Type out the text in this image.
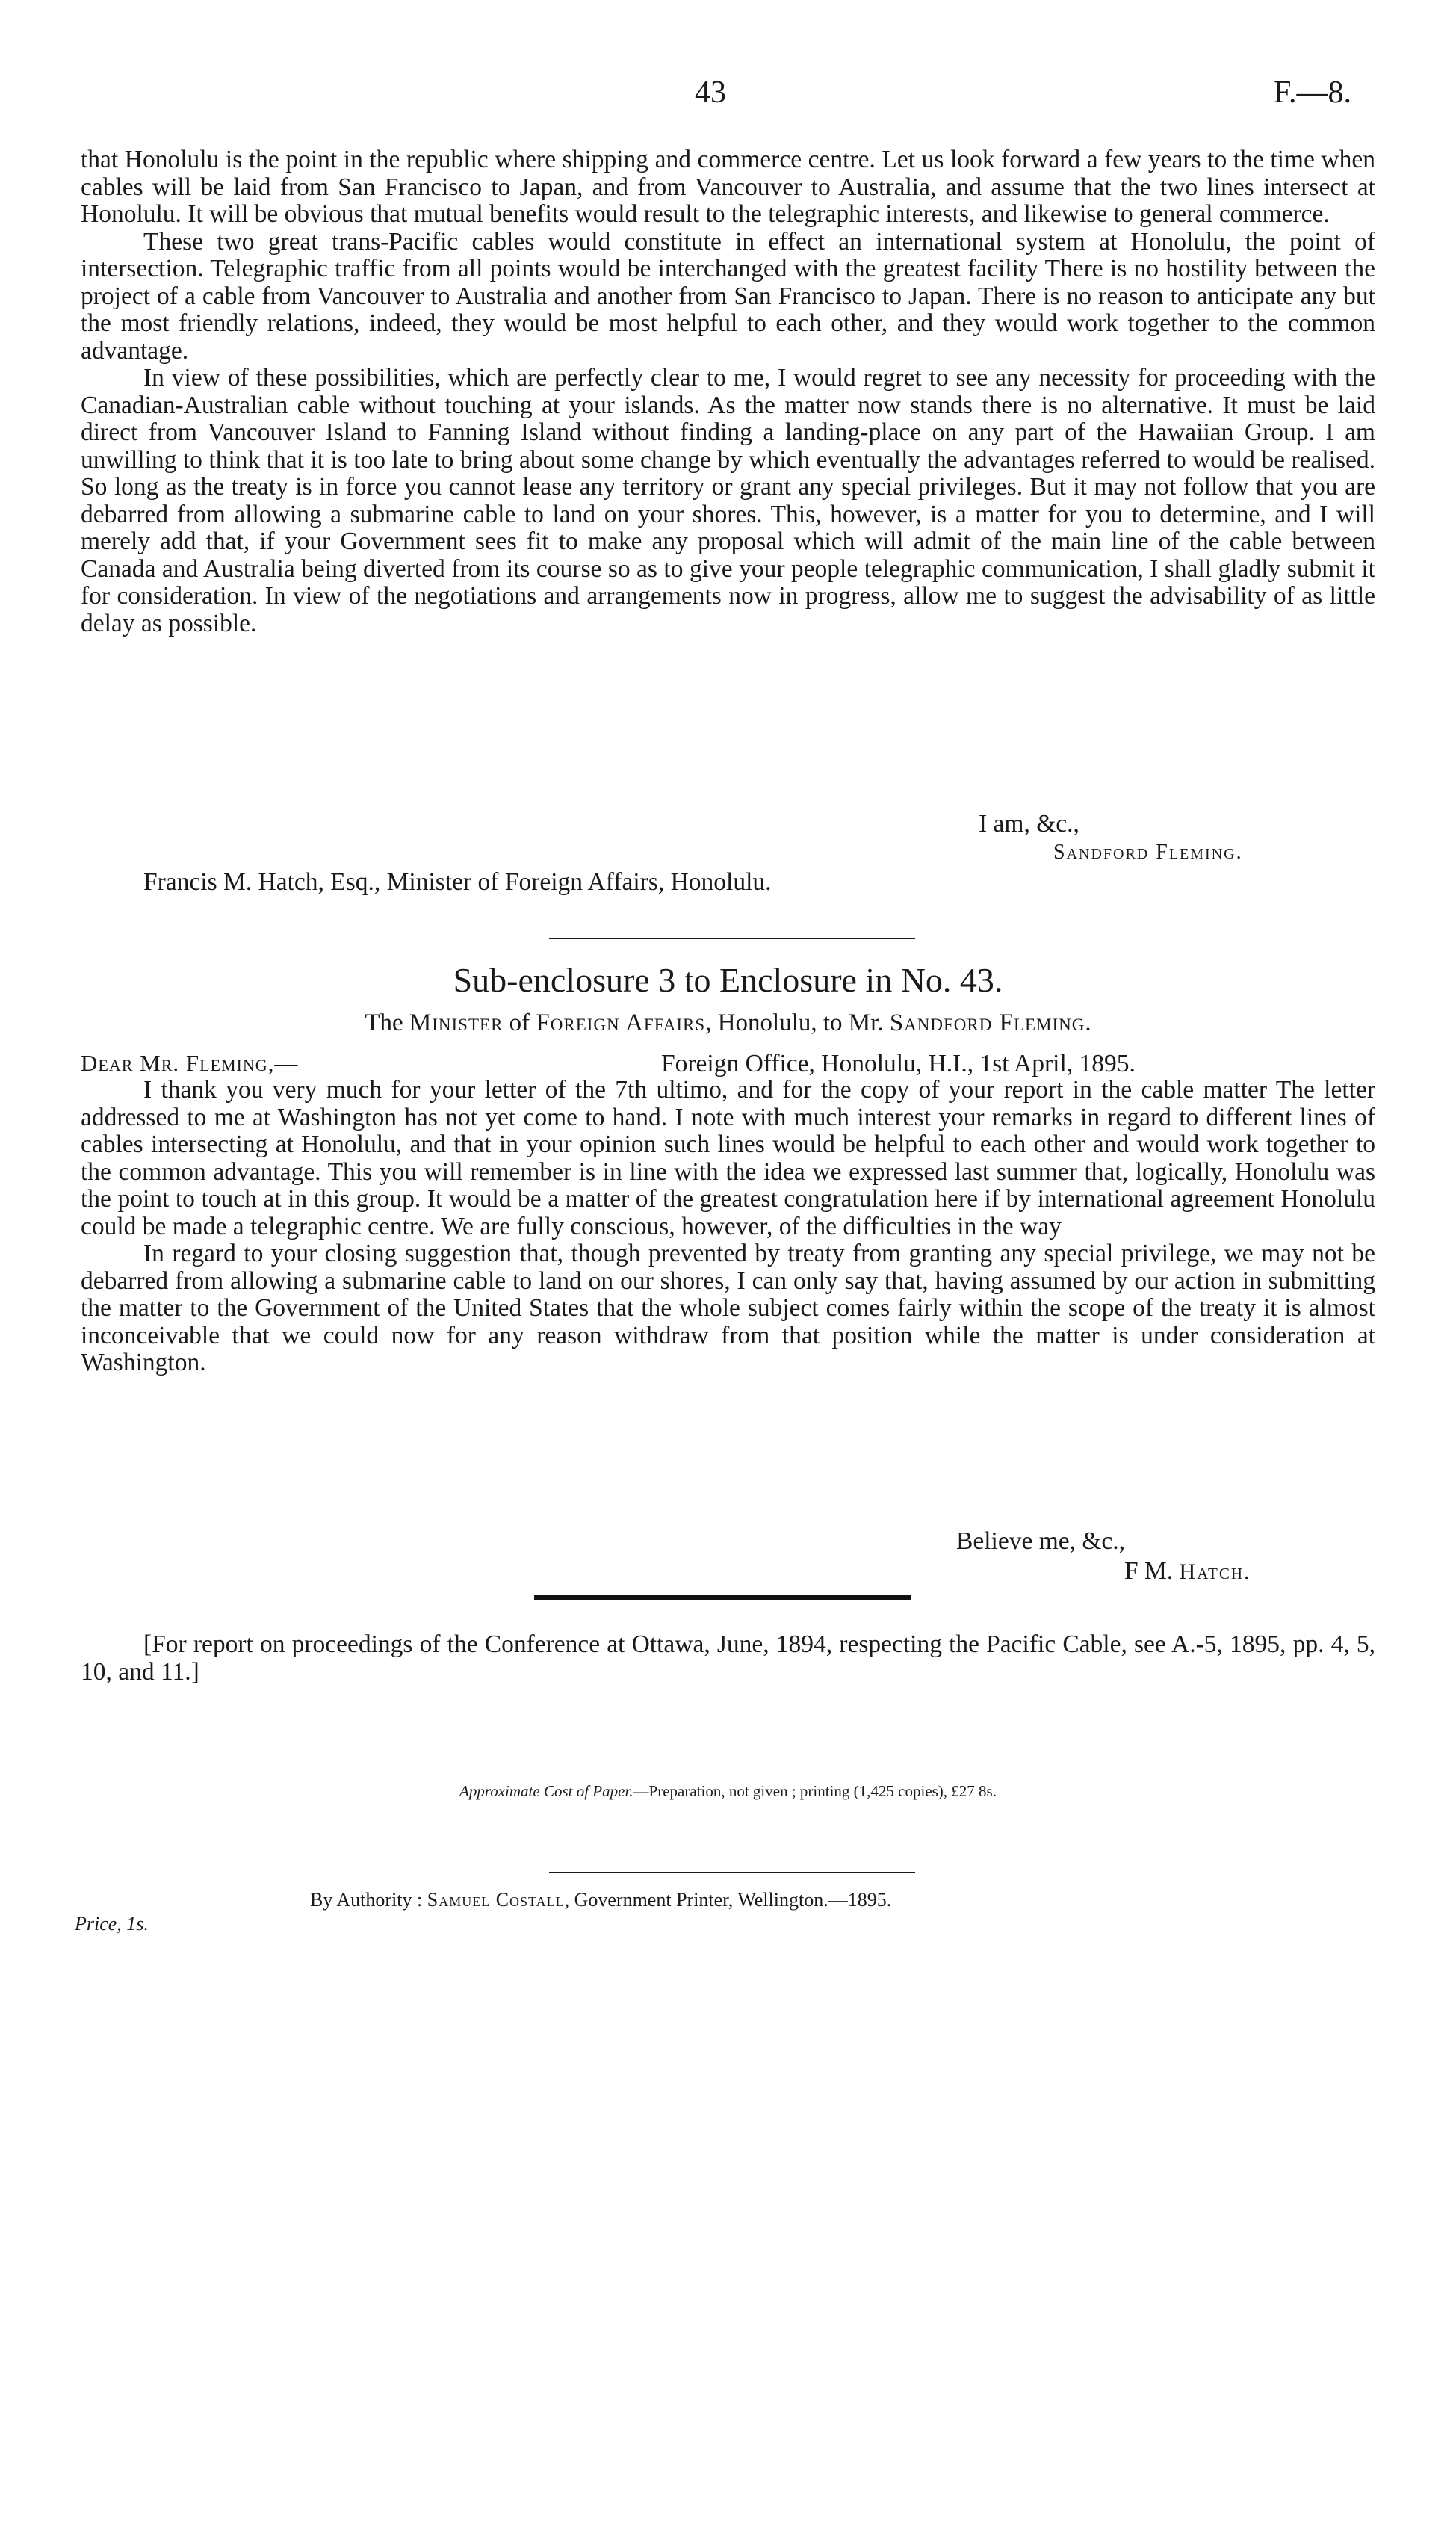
43	F.—8.

that Honolulu is the point in the republic where shipping and commerce centre. Let us look forward a few years to the time when cables will be laid from San Francisco to Japan, and from Vancouver to Australia, and assume that the two lines intersect at Honolulu. It will be obvious that mutual benefits would result to the telegraphic interests, and likewise to general commerce.

These two great trans-Pacific cables would constitute in effect an international system at Honolulu, the point of intersection. Telegraphic traffic from all points would be interchanged with the greatest facility There is no hostility between the project of a cable from Vancouver to Australia and another from San Francisco to Japan. There is no reason to anticipate any but the most friendly relations, indeed, they would be most helpful to each other, and they would work together to the common advantage.

In view of these possibilities, which are perfectly clear to me, I would regret to see any necessity for proceeding with the Canadian-Australian cable without touching at your islands. As the matter now stands there is no alternative. It must be laid direct from Vancouver Island to Fanning Island without finding a landing-place on any part of the Hawaiian Group. I am unwilling to think that it is too late to bring about some change by which eventually the advantages referred to would be realised. So long as the treaty is in force you cannot lease any territory or grant any special privileges. But it may not follow that you are debarred from allowing a submarine cable to land on your shores. This, however, is a matter for you to determine, and I will merely add that, if your Government sees fit to make any proposal which will admit of the main line of the cable between Canada and Australia being diverted from its course so as to give your people telegraphic communication, I shall gladly submit it for consideration. In view of the negotiations and arrangements now in progress, allow me to suggest the advisability of as little delay as possible.

I am, &c.,
Sandford Fleming.
Francis M. Hatch, Esq., Minister of Foreign Affairs, Honolulu.
Sub-enclosure 3 to Enclosure in No. 43.
The Minister of Foreign Affairs, Honolulu, to Mr. Sandford Fleming.
Dear Mr. Fleming,—	Foreign Office, Honolulu, H.I., 1st April, 1895.

I thank you very much for your letter of the 7th ultimo, and for the copy of your report in the cable matter The letter addressed to me at Washington has not yet come to hand. I note with much interest your remarks in regard to different lines of cables intersecting at Honolulu, and that in your opinion such lines would be helpful to each other and would work together to the common advantage. This you will remember is in line with the idea we expressed last summer that, logically, Honolulu was the point to touch at in this group. It would be a matter of the greatest congratulation here if by international agreement Honolulu could be made a telegraphic centre. We are fully conscious, however, of the difficulties in the way

In regard to your closing suggestion that, though prevented by treaty from granting any special privilege, we may not be debarred from allowing a submarine cable to land on our shores, I can only say that, having assumed by our action in submitting the matter to the Government of the United States that the whole subject comes fairly within the scope of the treaty it is almost inconceivable that we could now for any reason withdraw from that position while the matter is under consideration at Washington.

Believe me, &c.,
F M. Hatch.
[For report on proceedings of the Conference at Ottawa, June, 1894, respecting the Pacific Cable, see A.-5, 1895, pp. 4, 5, 10, and 11.]
Approximate Cost of Paper.—Preparation, not given ; printing (1,425 copies), £27 8s.
By Authority : Samuel Costall, Government Printer, Wellington.—1895.
Price, 1s.
